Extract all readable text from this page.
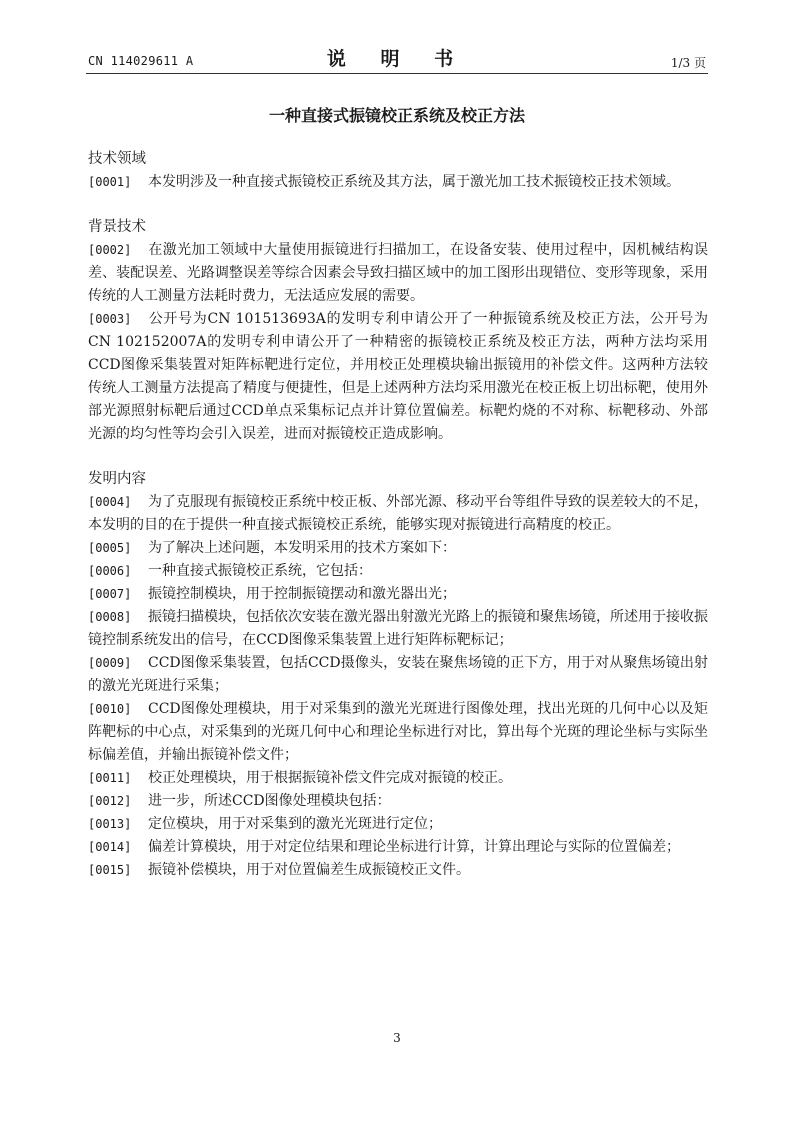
CN 114029611 A	说 明 书	1/3 页
一种直接式振镜校正系统及校正方法

技术领域

[0001] 本发明涉及一种直接式振镜校正系统及其方法，属于激光加工技术振镜校正技术领域。

背景技术

[0002] 在激光加工领域中大量使用振镜进行扫描加工，在设备安装、使用过程中，因机械结构误差、装配误差、光路调整误差等综合因素会导致扫描区域中的加工图形出现错位、变形等现象，采用传统的人工测量方法耗时费力，无法适应发展的需要。

[0003] 公开号为CN 101513693A的发明专利申请公开了一种振镜系统及校正方法，公开号为CN 102152007A的发明专利申请公开了一种精密的振镜校正系统及校正方法，两种方法均采用CCD图像采集装置对矩阵标靶进行定位，并用校正处理模块输出振镜用的补偿文件。这两种方法较传统人工测量方法提高了精度与便捷性，但是上述两种方法均采用激光在校正板上切出标靶，使用外部光源照射标靶后通过CCD单点采集标记点并计算位置偏差。标靶灼烧的不对称、标靶移动、外部光源的均匀性等均会引入误差，进而对振镜校正造成影响。

发明内容

[0004] 为了克服现有振镜校正系统中校正板、外部光源、移动平台等组件导致的误差较大的不足，本发明的目的在于提供一种直接式振镜校正系统，能够实现对振镜进行高精度的校正。

[0005] 为了解决上述问题，本发明采用的技术方案如下：

[0006] 一种直接式振镜校正系统，它包括：

[0007] 振镜控制模块，用于控制振镜摆动和激光器出光；

[0008] 振镜扫描模块，包括依次安装在激光器出射激光光路上的振镜和聚焦场镜，所述用于接收振镜控制系统发出的信号，在CCD图像采集装置上进行矩阵标靶标记；

[0009] CCD图像采集装置，包括CCD摄像头，安装在聚焦场镜的正下方，用于对从聚焦场镜出射的激光光斑进行采集；

[0010] CCD图像处理模块，用于对采集到的激光光斑进行图像处理，找出光斑的几何中心以及矩阵靶标的中心点，对采集到的光斑几何中心和理论坐标进行对比，算出每个光斑的理论坐标与实际坐标偏差值，并输出振镜补偿文件；

[0011] 校正处理模块，用于根据振镜补偿文件完成对振镜的校正。

[0012] 进一步，所述CCD图像处理模块包括：

[0013] 定位模块，用于对采集到的激光光斑进行定位；

[0014] 偏差计算模块，用于对定位结果和理论坐标进行计算，计算出理论与实际的位置偏差；

[0015] 振镜补偿模块，用于对位置偏差生成振镜校正文件。

3
